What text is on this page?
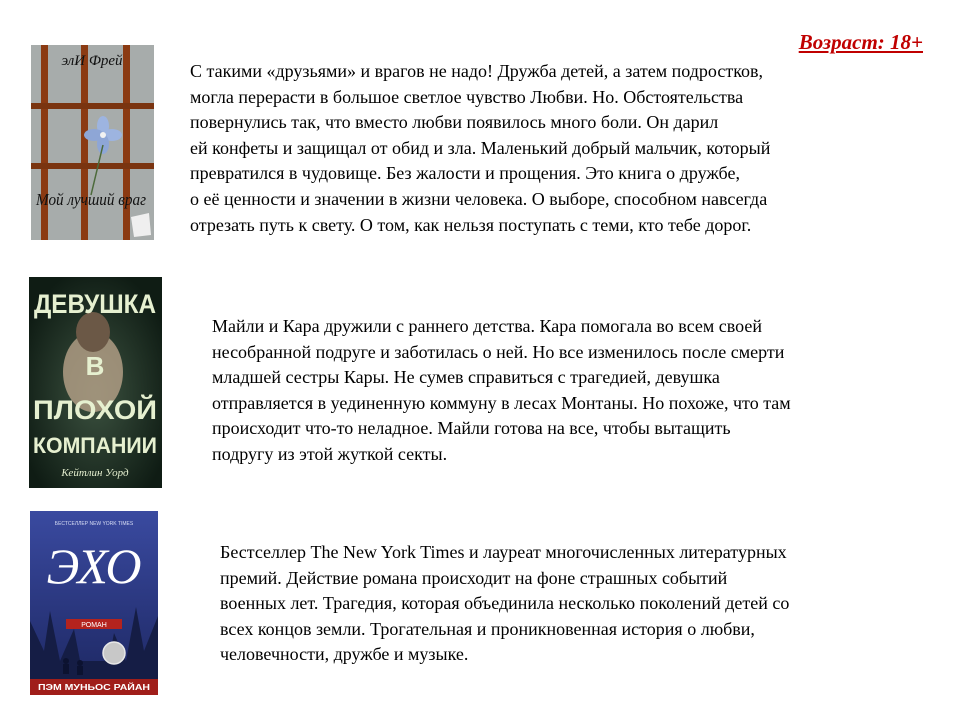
Возраст: 18+
элИ Фрей
Мой лучший враг
С такими «друзьями» и врагов не надо! Дружба детей, а затем подростков,
могла перерасти в большое светлое чувство Любви. Но. Обстоятельства
повернулись так, что вместо любви появилось много боли. Он дарил
ей конфеты и защищал от обид и зла. Маленький добрый мальчик, который
превратился в чудовище. Без жалости и прощения. Это книга о дружбе,
о её ценности и значении в жизни человека. О выборе, способном навсегда
отрезать путь к свету. О том, как нельзя поступать с теми, кто тебе дорог.
ДЕВУШКА
В
ПЛОХОЙ
КОМПАНИИ
Кейтлин Уорд
Майли и Кара дружили с раннего детства. Кара помогала во всем своей
несобранной подруге и заботилась о ней. Но все изменилось после смерти
младшей сестры Кары. Не сумев справиться с трагедией, девушка
отправляется в уединенную коммуну в лесах Монтаны. Но похоже, что там
происходит что-то неладное. Майли готова на все, чтобы вытащить
подругу из этой жуткой секты.
БЕСТСЕЛЛЕР NEW YORK TIMES
ЭХО
РОМАН
ПЭМ МУНЬОС РАЙАН
Бестселлер The New York Times и лауреат многочисленных литературных
премий. Действие романа происходит на фоне страшных событий
военных лет. Трагедия, которая объединила несколько поколений детей со
всех концов земли. Трогательная и проникновенная история о любви,
человечности, дружбе и музыке.
